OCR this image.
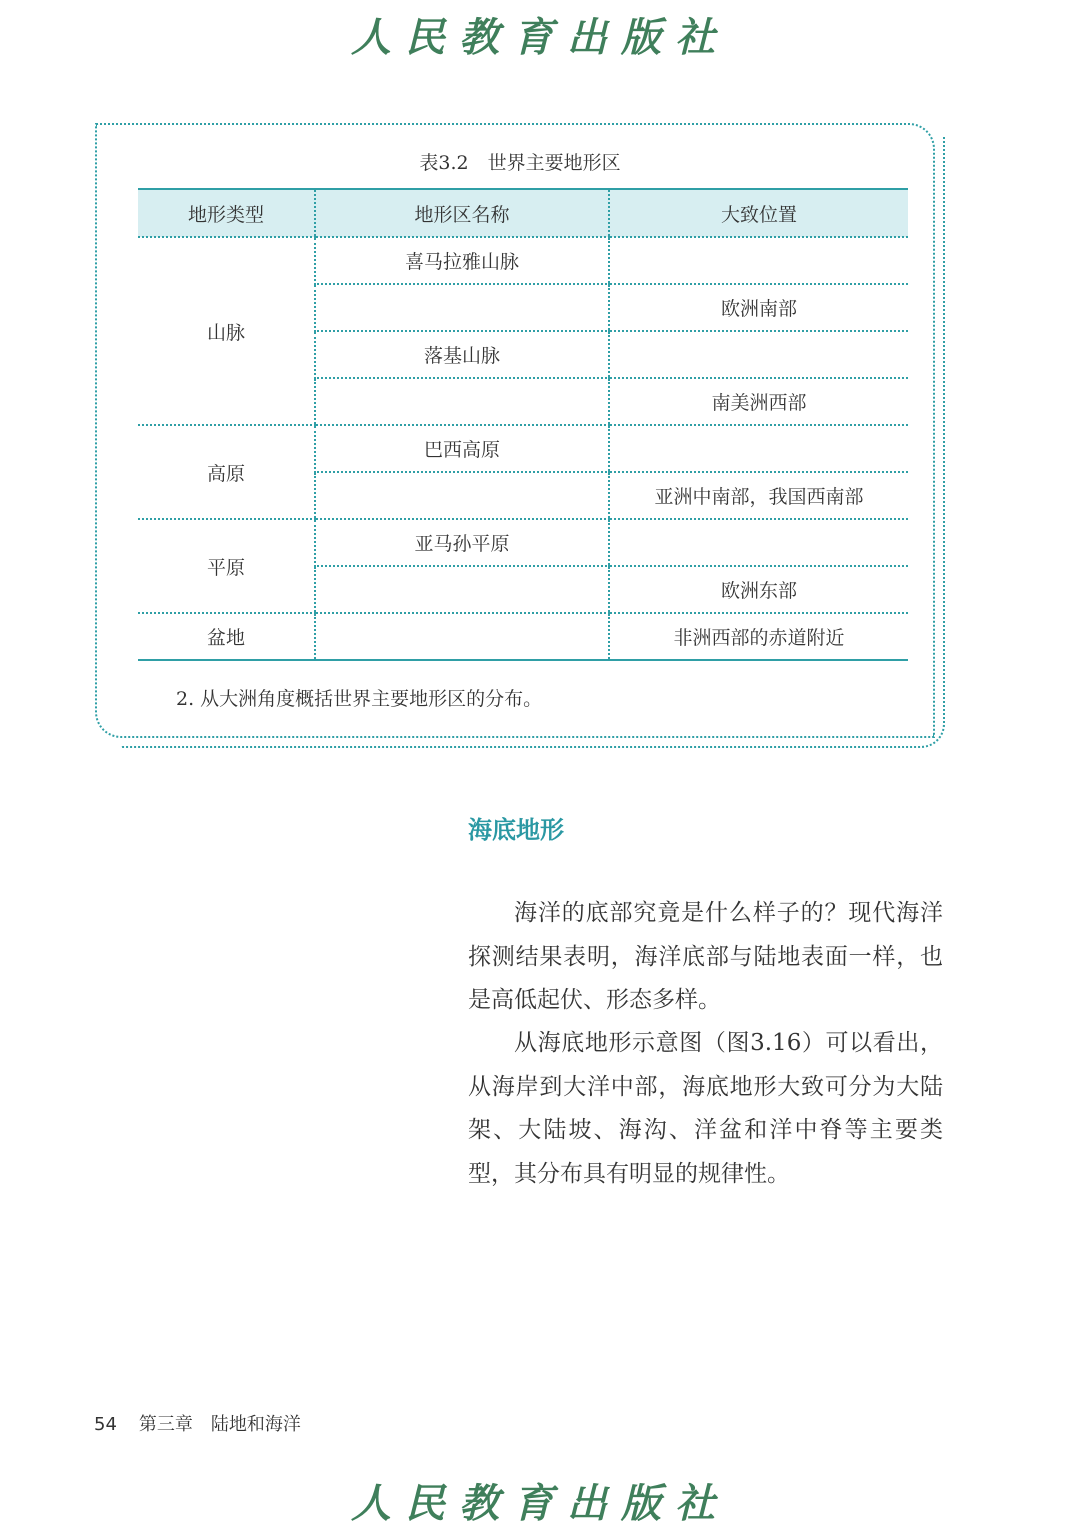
人民教育出版社
表3.2　世界主要地形区
地形类型	地形区名称	大致位置
山脉	喜马拉雅山脉	
		欧洲南部
	落基山脉	
		南美洲西部
高原	巴西高原	
		亚洲中南部，我国西南部
平原	亚马孙平原	
		欧洲东部
盆地		非洲西部的赤道附近
2. 从大洲角度概括世界主要地形区的分布。
海底地形

海洋的底部究竟是什么样子的？现代海洋探测结果表明，海洋底部与陆地表面一样，也是高低起伏、形态多样。

从海底地形示意图（图3.16）可以看出，从海岸到大洋中部，海底地形大致可分为大陆架、大陆坡、海沟、洋盆和洋中脊等主要类型，其分布具有明显的规律性。

54 第三章 陆地和海洋
人民教育出版社
